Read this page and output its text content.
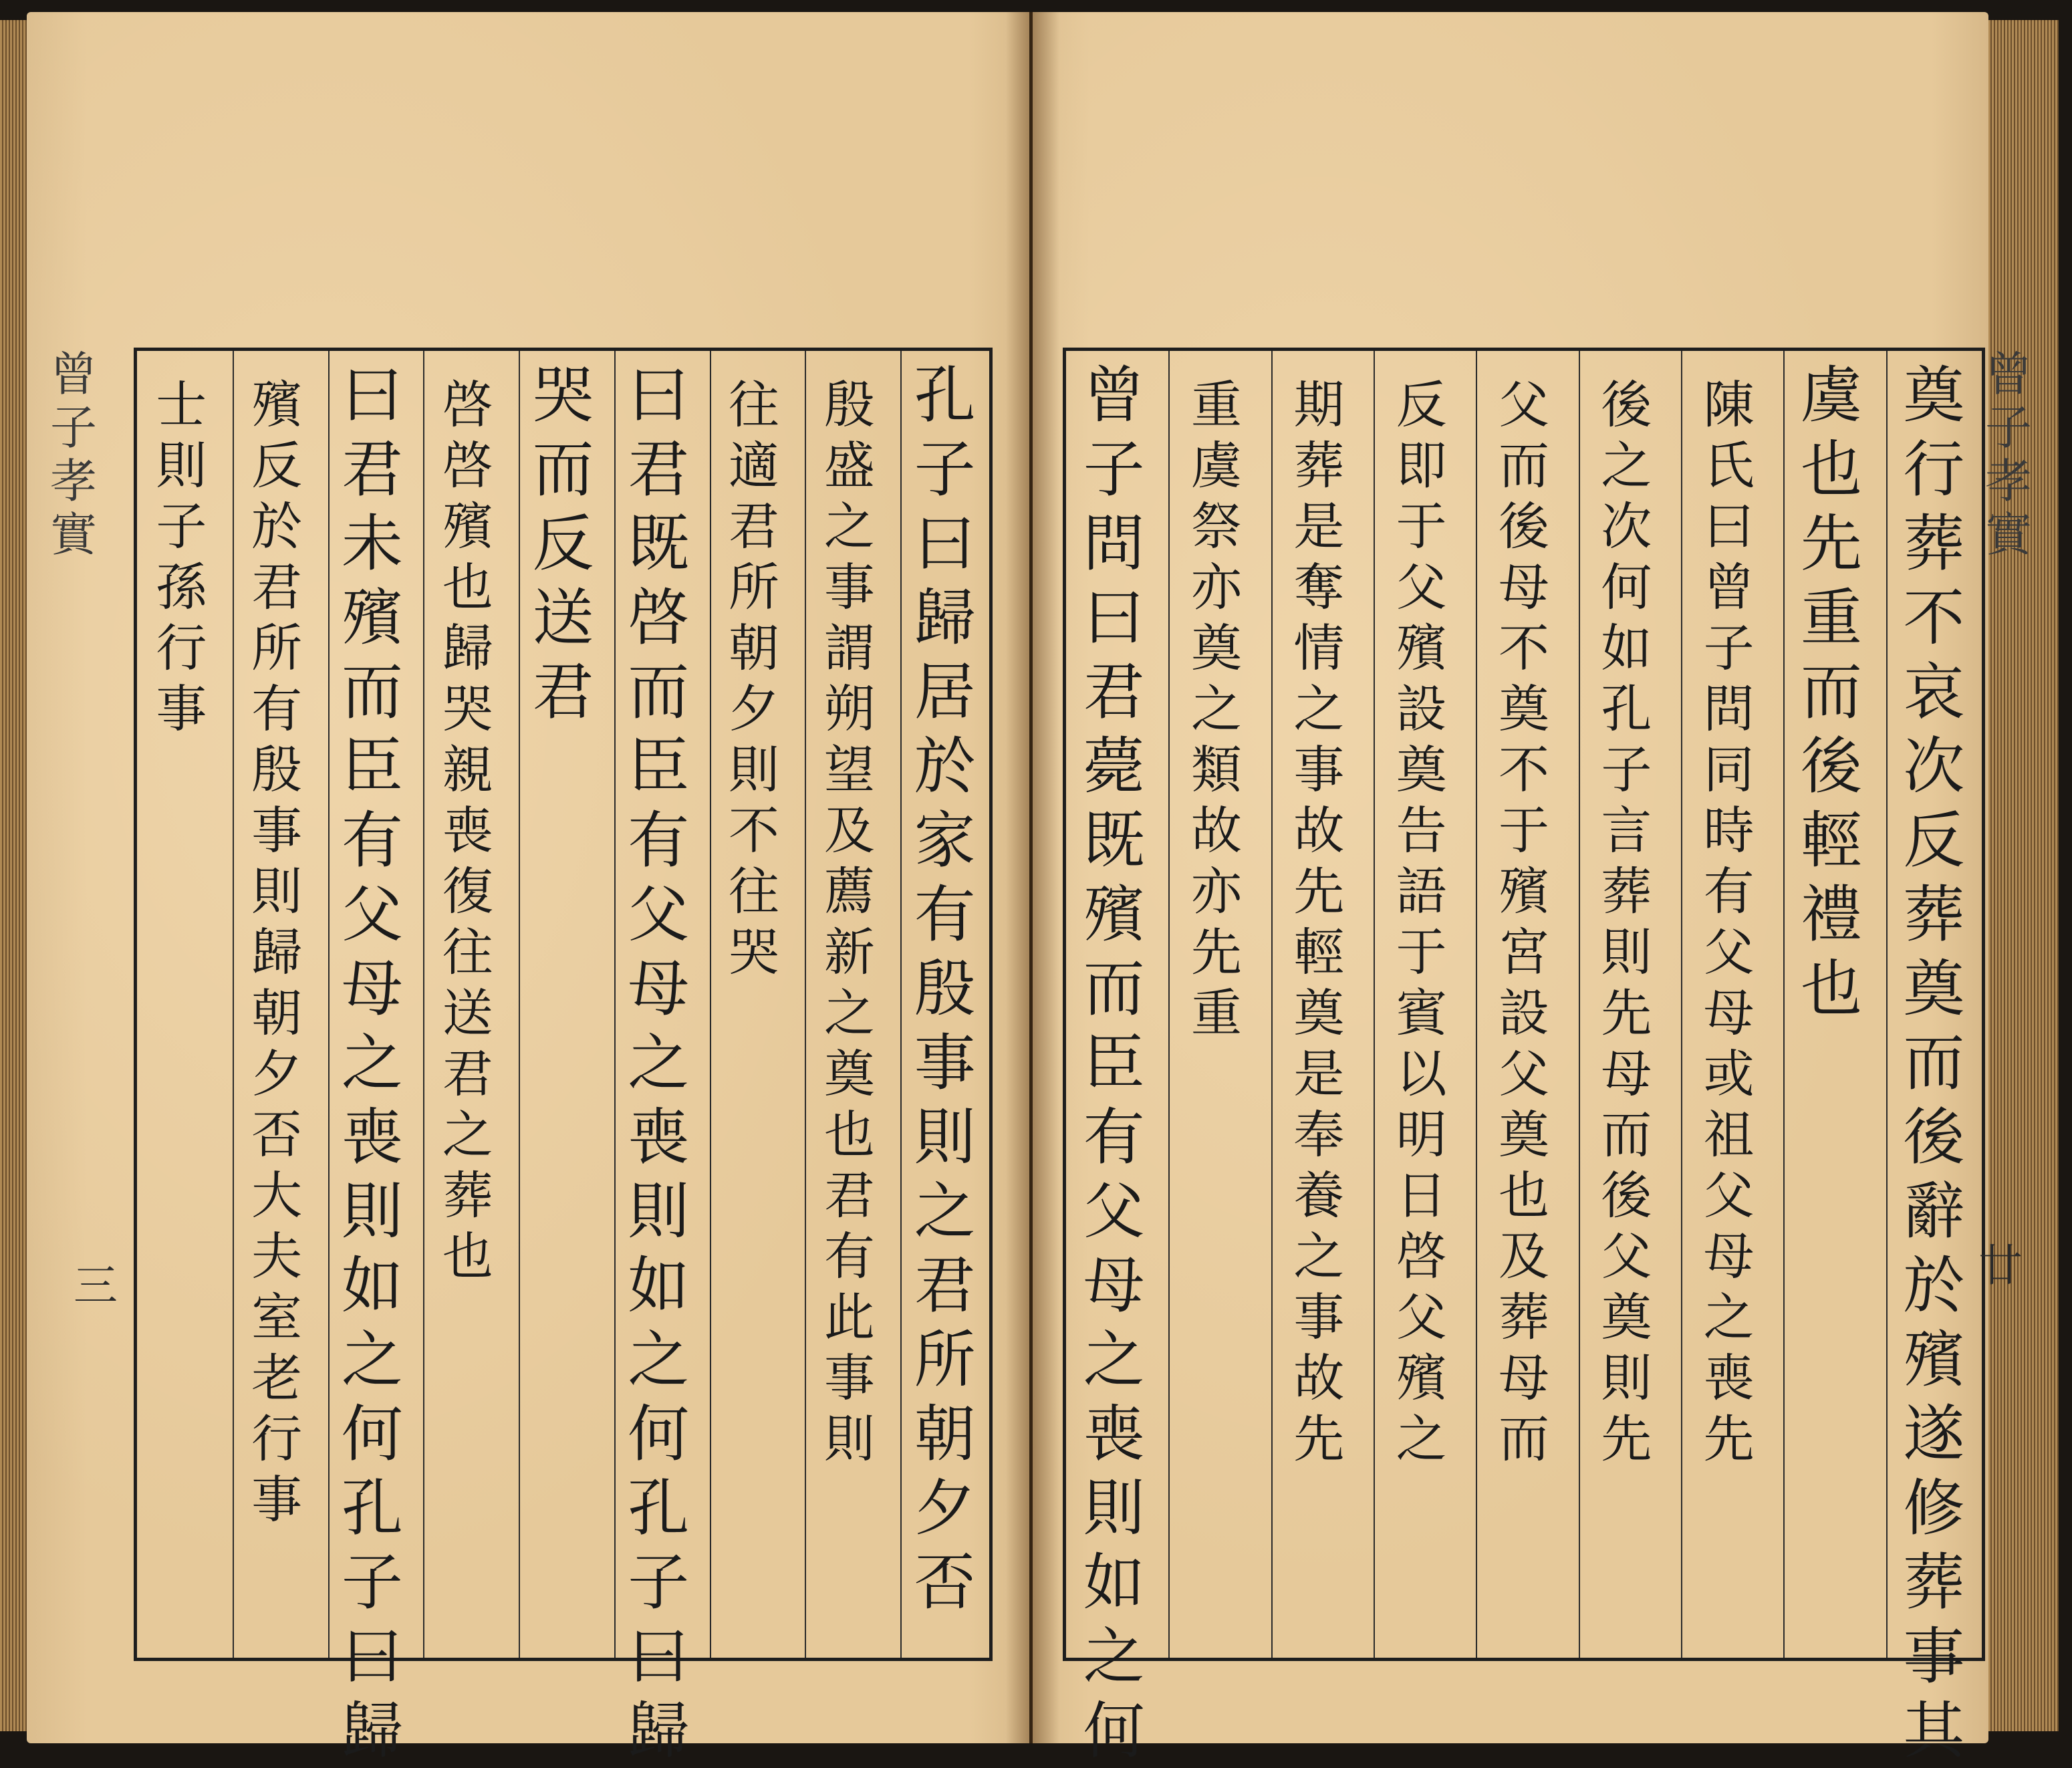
曾
子
孝
實
三
曾
子
孝
實
廿
孔
子
曰
歸
居
於
家
有
殷
事
則
之
君
所
朝
夕
否
殷
盛
之
事
謂
朔
望
及
薦
新
之
奠
也
君
有
此
事
則
往
適
君
所
朝
夕
則
不
往
哭
曰
君
既
啓
而
臣
有
父
母
之
喪
則
如
之
何
孔
子
曰
歸
哭
而
反
送
君
啓
啓
殯
也
歸
哭
親
喪
復
往
送
君
之
葬
也
曰
君
未
殯
而
臣
有
父
母
之
喪
則
如
之
何
孔
子
曰
歸
殯
反
於
君
所
有
殷
事
則
歸
朝
夕
否
大
夫
室
老
行
事
士
則
子
孫
行
事
奠
行
葬
不
哀
次
反
葬
奠
而
後
辭
於
殯
遂
修
葬
事
其
虞
也
先
重
而
後
輕
禮
也
陳
氏
曰
曾
子
問
同
時
有
父
母
或
祖
父
母
之
喪
先
後
之
次
何
如
孔
子
言
葬
則
先
母
而
後
父
奠
則
先
父
而
後
母
不
奠
不
于
殯
宮
設
父
奠
也
及
葬
母
而
反
即
于
父
殯
設
奠
告
語
于
賓
以
明
日
啓
父
殯
之
期
葬
是
奪
情
之
事
故
先
輕
奠
是
奉
養
之
事
故
先
重
虞
祭
亦
奠
之
類
故
亦
先
重
曾
子
問
曰
君
薨
既
殯
而
臣
有
父
母
之
喪
則
如
之
何
